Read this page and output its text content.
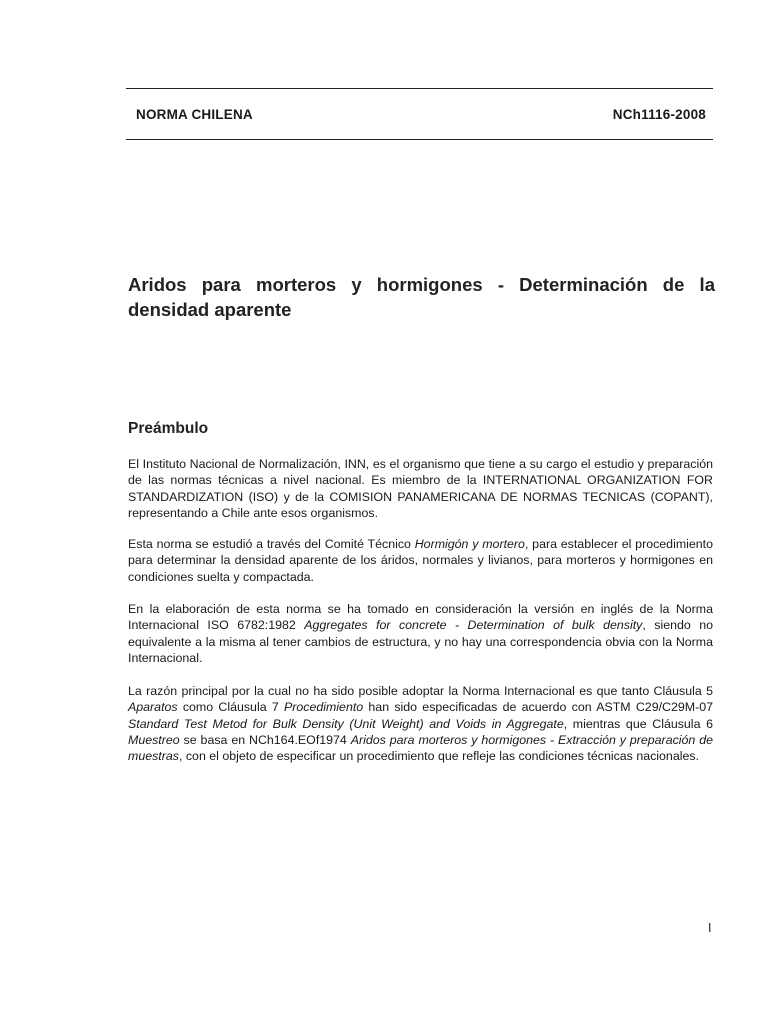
NORMA CHILENA	NCh1116-2008
Aridos para morteros y hormigones - Determinación de la densidad aparente
Preámbulo

El Instituto Nacional de Normalización, INN, es el organismo que tiene a su cargo el estudio y preparación de las normas técnicas a nivel nacional. Es miembro de la INTERNATIONAL ORGANIZATION FOR STANDARDIZATION (ISO) y de la COMISION PANAMERICANA DE NORMAS TECNICAS (COPANT), representando a Chile ante esos organismos.

Esta norma se estudió a través del Comité Técnico Hormigón y mortero, para establecer el procedimiento para determinar la densidad aparente de los áridos, normales y livianos, para morteros y hormigones en condiciones suelta y compactada.

En la elaboración de esta norma se ha tomado en consideración la versión en inglés de la Norma Internacional ISO 6782:1982 Aggregates for concrete - Determination of bulk density, siendo no equivalente a la misma al tener cambios de estructura, y no hay una correspondencia obvia con la Norma Internacional.

La razón principal por la cual no ha sido posible adoptar la Norma Internacional es que tanto Cláusula 5 Aparatos como Cláusula 7 Procedimiento han sido especificadas de acuerdo con ASTM C29/C29M-07 Standard Test Metod for Bulk Density (Unit Weight) and Voids in Aggregate, mientras que Cláusula 6 Muestreo se basa en NCh164.EOf1974 Aridos para morteros y hormigones - Extracción y preparación de muestras, con el objeto de especificar un procedimiento que refleje las condiciones técnicas nacionales.

I
